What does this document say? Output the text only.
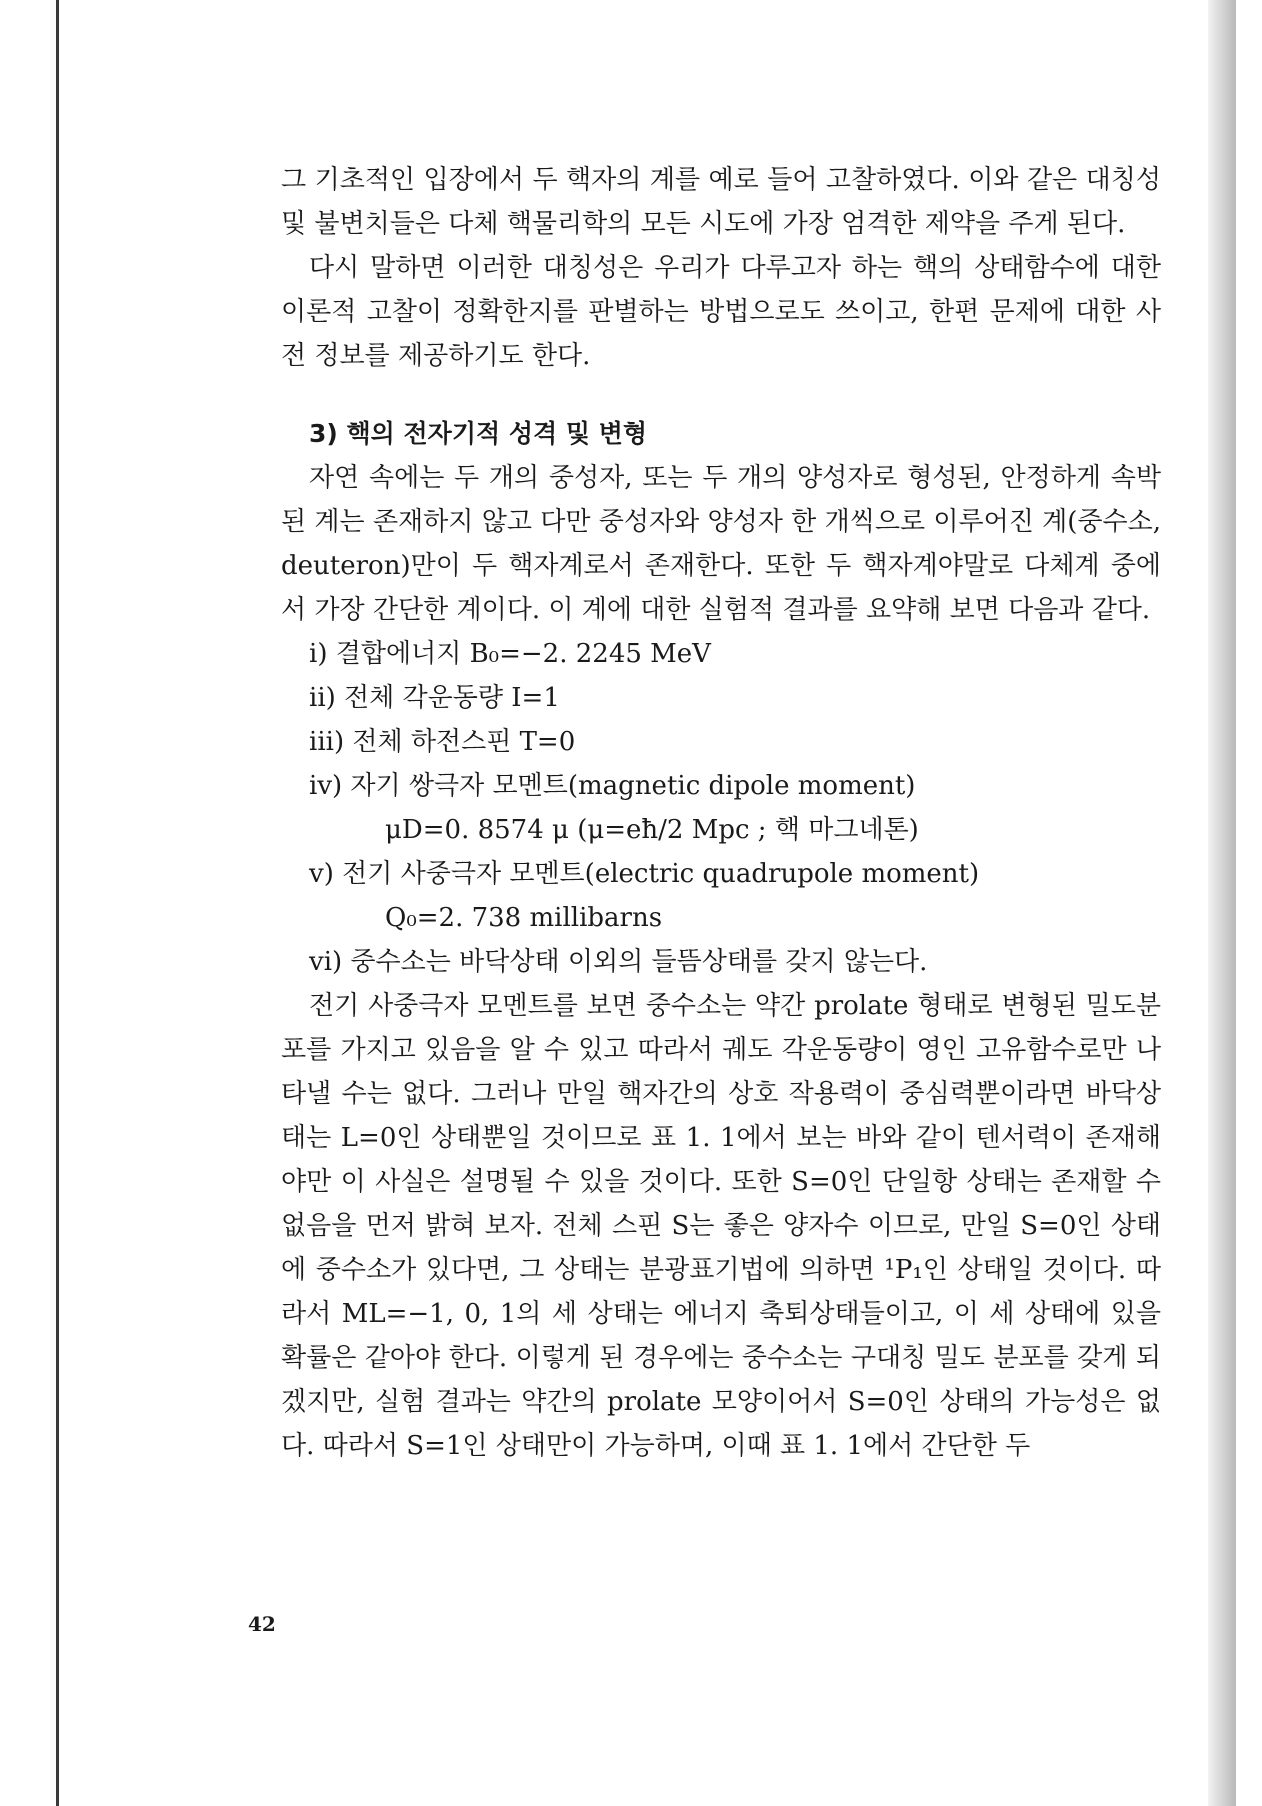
그 기초적인 입장에서 두 핵자의 계를 예로 들어 고찰하였다. 이와 같은 대칭성 및 불변치들은 다체 핵물리학의 모든 시도에 가장 엄격한 제약을 주게 된다.

다시 말하면 이러한 대칭성은 우리가 다루고자 하는 핵의 상태함수에 대한 이론적 고찰이 정확한지를 판별하는 방법으로도 쓰이고, 한편 문제에 대한 사전 정보를 제공하기도 한다.

3) 핵의 전자기적 성격 및 변형

자연 속에는 두 개의 중성자, 또는 두 개의 양성자로 형성된, 안정하게 속박된 계는 존재하지 않고 다만 중성자와 양성자 한 개씩으로 이루어진 계(중수소, deuteron)만이 두 핵자계로서 존재한다. 또한 두 핵자계야말로 다체계 중에서 가장 간단한 계이다. 이 계에 대한 실험적 결과를 요약해 보면 다음과 같다.

i) 결합에너지 B₀=−2. 2245 MeV
ii) 전체 각운동량 I=1
iii) 전체 하전스핀 T=0
iv) 자기 쌍극자 모멘트(magnetic dipole moment)
μD=0. 8574 μ (μ=eħ/2 Mpc ; 핵 마그네톤)
v) 전기 사중극자 모멘트(electric quadrupole moment)
Q₀=2. 738 millibarns
vi) 중수소는 바닥상태 이외의 들뜸상태를 갖지 않는다.

전기 사중극자 모멘트를 보면 중수소는 약간 prolate 형태로 변형된 밀도분포를 가지고 있음을 알 수 있고 따라서 궤도 각운동량이 영인 고유함수로만 나타낼 수는 없다. 그러나 만일 핵자간의 상호 작용력이 중심력뿐이라면 바닥상태는 L=0인 상태뿐일 것이므로 표 1. 1에서 보는 바와 같이 텐서력이 존재해야만 이 사실은 설명될 수 있을 것이다. 또한 S=0인 단일항 상태는 존재할 수 없음을 먼저 밝혀 보자. 전체 스핀 S는 좋은 양자수 이므로, 만일 S=0인 상태에 중수소가 있다면, 그 상태는 분광표기법에 의하면 ¹P₁인 상태일 것이다. 따라서 ML=−1, 0, 1의 세 상태는 에너지 축퇴상태들이고, 이 세 상태에 있을 확률은 같아야 한다. 이렇게 된 경우에는 중수소는 구대칭 밀도 분포를 갖게 되겠지만, 실험 결과는 약간의 prolate 모양이어서 S=0인 상태의 가능성은 없다. 따라서 S=1인 상태만이 가능하며, 이때 표 1. 1에서 간단한 두

42
